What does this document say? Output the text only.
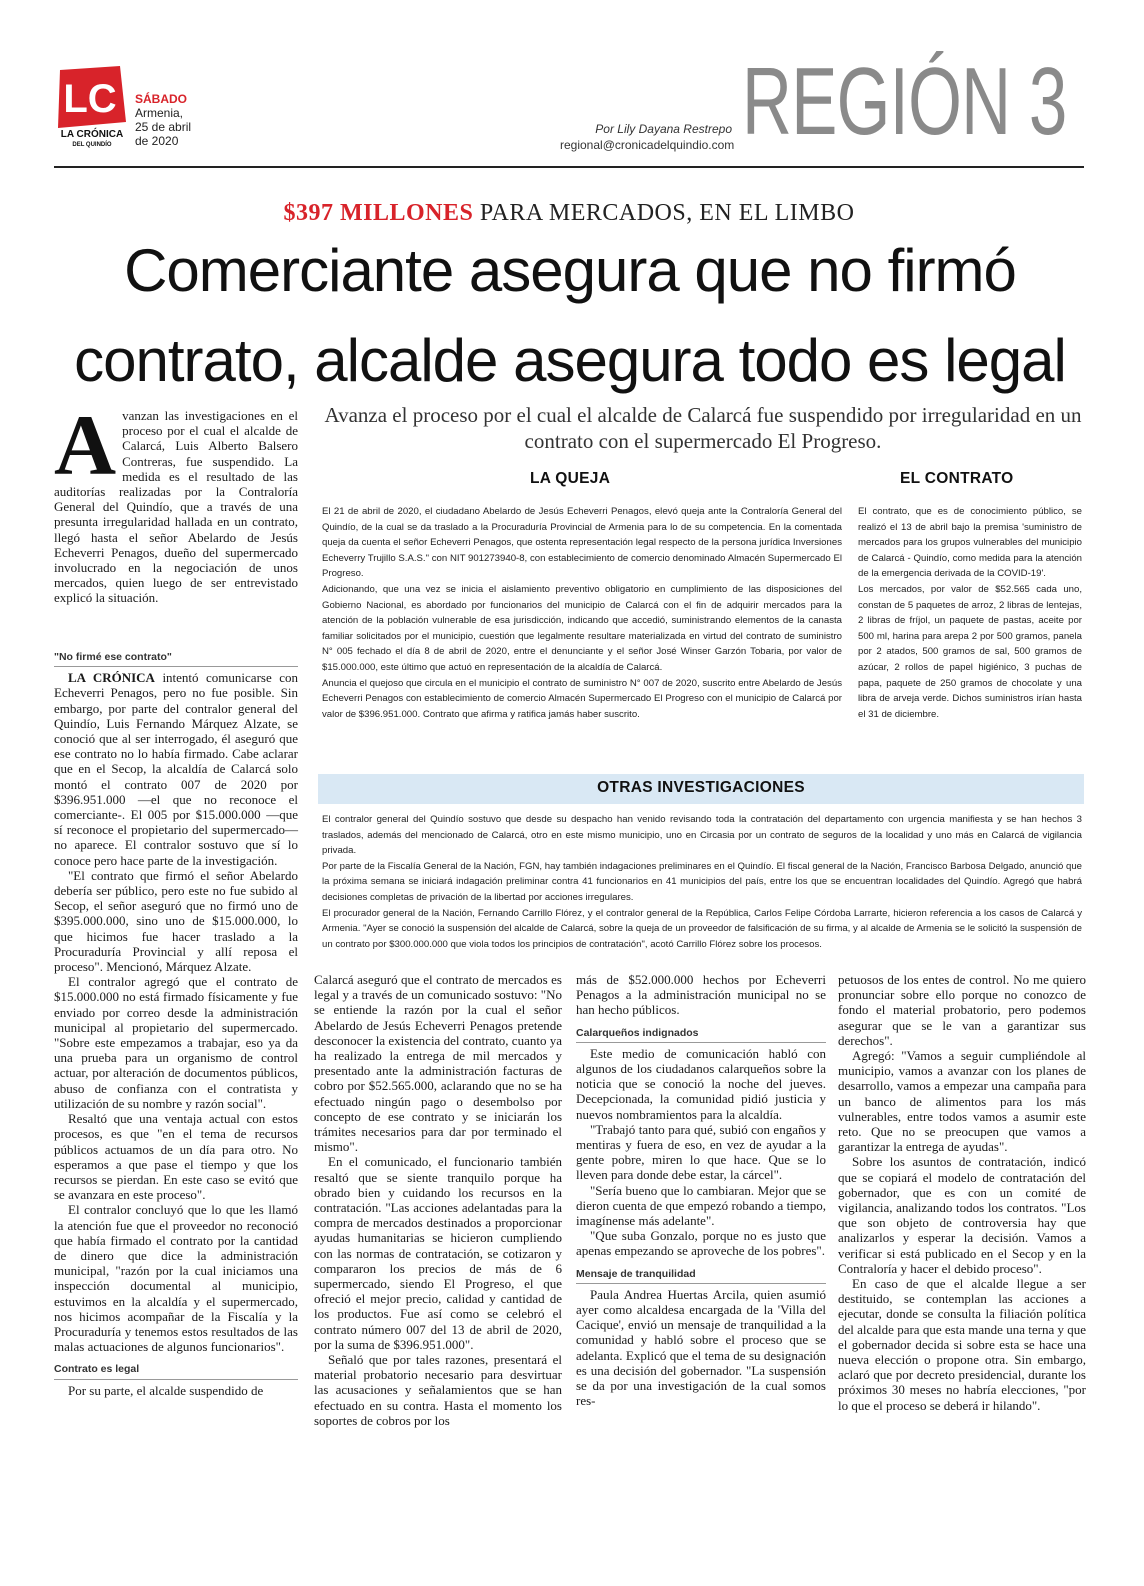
LC
LA CRÓNICA
DEL QUINDÍO
SÁBADO
Armenia,
25 de abril
de 2020
Por Lily Dayana Restrepo
regional@cronicadelquindio.com REGIÓN 3
$397 MILLONES PARA MERCADOS, EN EL LIMBO
Comerciante asegura que no firmó
contrato, alcalde asegura todo es legal
Avanza el proceso por el cual el alcalde de Calarcá fue suspendido por irregularidad en un contrato con el supermercado El Progreso.
A vanzan las investigaciones en el proceso por el cual el alcalde de Calarcá, Luis Alberto Balsero Contreras, fue suspendido. La medida es el resultado de las auditorías realizadas por la Contraloría General del Quindío, que a través de una presunta irregularidad hallada en un contrato, llegó hasta el señor Abelardo de Jesús Echeverri Penagos, dueño del supermercado involucrado en la negociación de unos mercados, quien luego de ser entrevistado explicó la situación.

"No firmé ese contrato"

LA CRÓNICA intentó comunicarse con Echeverri Penagos, pero no fue posible. Sin embargo, por parte del contralor general del Quindío, Luis Fernando Márquez Alzate, se conoció que al ser interrogado, él aseguró que ese contrato no lo había firmado. Cabe aclarar que en el Secop, la alcaldía de Calarcá solo montó el contrato 007 de 2020 por $396.951.000 —el que no reconoce el comerciante-. El 005 por $15.000.000 —que sí reconoce el propietario del supermercado— no aparece. El contralor sostuvo que sí lo conoce pero hace parte de la investigación.

"El contrato que firmó el señor Abelardo debería ser público, pero este no fue subido al Secop, el señor aseguró que no firmó uno de $395.000.000, sino uno de $15.000.000, lo que hicimos fue hacer traslado a la Procuraduría Provincial y allí reposa el proceso". Mencionó, Márquez Alzate.

El contralor agregó que el contrato de $15.000.000 no está firmado físicamente y fue enviado por correo desde la administración municipal al propietario del supermercado. "Sobre este empezamos a trabajar, eso ya da una prueba para un organismo de control actuar, por alteración de documentos públicos, abuso de confianza con el contratista y utilización de su nombre y razón social".

Resaltó que una ventaja actual con estos procesos, es que "en el tema de recursos públicos actuamos de un día para otro. No esperamos a que pase el tiempo y que los recursos se pierdan. En este caso se evitó que se avanzara en este proceso".

El contralor concluyó que lo que les llamó la atención fue que el proveedor no reconoció que había firmado el contrato por la cantidad de dinero que dice la administración municipal, "razón por la cual iniciamos una inspección documental al municipio, estuvimos en la alcaldía y el supermercado, nos hicimos acompañar de la Fiscalía y la Procuraduría y tenemos estos resultados de las malas actuaciones de algunos funcionarios".

Contrato es legal

Por su parte, el alcalde suspendido de

LA QUEJA	EL CONTRATO

El 21 de abril de 2020, el ciudadano Abelardo de Jesús Echeverri Penagos, elevó queja ante la Contraloría General del Quindío, de la cual se da traslado a la Procuraduría Provincial de Armenia para lo de su competencia. En la comentada queja da cuenta el señor Echeverri Penagos, que ostenta representación legal respecto de la persona jurídica Inversiones Echeverry Trujillo S.A.S." con NIT 901273940-8, con establecimiento de comercio denominado Almacén Supermercado El Progreso.

Adicionando, que una vez se inicia el aislamiento preventivo obligatorio en cumplimiento de las disposiciones del Gobierno Nacional, es abordado por funcionarios del municipio de Calarcá con el fin de adquirir mercados para la atención de la población vulnerable de esa jurisdicción, indicando que accedió, suministrando elementos de la canasta familiar solicitados por el municipio, cuestión que legalmente resultare materializada en virtud del contrato de suministro N° 005 fechado el día 8 de abril de 2020, entre el denunciante y el señor José Winser Garzón Tobaria, por valor de $15.000.000, este último que actuó en representación de la alcaldía de Calarcá.

Anuncia el quejoso que circula en el municipio el contrato de suministro N° 007 de 2020, suscrito entre Abelardo de Jesús Echeverri Penagos con establecimiento de comercio Almacén Supermercado El Progreso con el municipio de Calarcá por valor de $396.951.000. Contrato que afirma y ratifica jamás haber suscrito.

El contrato, que es de conocimiento público, se realizó el 13 de abril bajo la premisa 'suministro de mercados para los grupos vulnerables del municipio de Calarcá - Quindío, como medida para la atención de la emergencia derivada de la COVID-19'.

Los mercados, por valor de $52.565 cada uno, constan de 5 paquetes de arroz, 2 libras de lentejas, 2 libras de fríjol, un paquete de pastas, aceite por 500 ml, harina para arepa 2 por 500 gramos, panela por 2 atados, 500 gramos de sal, 500 gramos de azúcar, 2 rollos de papel higiénico, 3 puchas de papa, paquete de 250 gramos de chocolate y una libra de arveja verde. Dichos suministros irían hasta el 31 de diciembre.

OTRAS INVESTIGACIONES

El contralor general del Quindío sostuvo que desde su despacho han venido revisando toda la contratación del departamento con urgencia manifiesta y se han hechos 3 traslados, además del mencionado de Calarcá, otro en este mismo municipio, uno en Circasia por un contrato de seguros de la localidad y uno más en Calarcá de vigilancia privada.

Por parte de la Fiscalía General de la Nación, FGN, hay también indagaciones preliminares en el Quindío. El fiscal general de la Nación, Francisco Barbosa Delgado, anunció que la próxima semana se iniciará indagación preliminar contra 41 funcionarios en 41 municipios del país, entre los que se encuentran localidades del Quindío. Agregó que habrá decisiones completas de privación de la libertad por acciones irregulares.

El procurador general de la Nación, Fernando Carrillo Flórez, y el contralor general de la República, Carlos Felipe Córdoba Larrarte, hicieron referencia a los casos de Calarcá y Armenia. "Ayer se conoció la suspensión del alcalde de Calarcá, sobre la queja de un proveedor de falsificación de su firma, y al alcalde de Armenia se le solicitó la suspensión de un contrato por $300.000.000 que viola todos los principios de contratación", acotó Carrillo Flórez sobre los procesos.

Calarcá aseguró que el contrato de mercados es legal y a través de un comunicado sostuvo: "No se entiende la razón por la cual el señor Abelardo de Jesús Echeverri Penagos pretende desconocer la existencia del contrato, cuanto ya ha realizado la entrega de mil mercados y presentado ante la administración facturas de cobro por $52.565.000, aclarando que no se ha efectuado ningún pago o desembolso por concepto de ese contrato y se iniciarán los trámites necesarios para dar por terminado el mismo".

En el comunicado, el funcionario también resaltó que se siente tranquilo porque ha obrado bien y cuidando los recursos en la contratación. "Las acciones adelantadas para la compra de mercados destinados a proporcionar ayudas humanitarias se hicieron cumpliendo con las normas de contratación, se cotizaron y compararon los precios de más de 6 supermercado, siendo El Progreso, el que ofreció el mejor precio, calidad y cantidad de los productos. Fue así como se celebró el contrato número 007 del 13 de abril de 2020, por la suma de $396.951.000".

Señaló que por tales razones, presentará el material probatorio necesario para desvirtuar las acusaciones y señalamientos que se han efectuado en su contra. Hasta el momento los soportes de cobros por los

más de $52.000.000 hechos por Echeverri Penagos a la administración municipal no se han hecho públicos.

Calarqueños indignados

Este medio de comunicación habló con algunos de los ciudadanos calarqueños sobre la noticia que se conoció la noche del jueves. Decepcionada, la comunidad pidió justicia y nuevos nombramientos para la alcaldía.

"Trabajó tanto para qué, subió con engaños y mentiras y fuera de eso, en vez de ayudar a la gente pobre, miren lo que hace. Que se lo lleven para donde debe estar, la cárcel".

"Sería bueno que lo cambiaran. Mejor que se dieron cuenta de que empezó robando a tiempo, imagínense más adelante".

"Que suba Gonzalo, porque no es justo que apenas empezando se aproveche de los pobres".

Mensaje de tranquilidad

Paula Andrea Huertas Arcila, quien asumió ayer como alcaldesa encargada de la 'Villa del Cacique', envió un mensaje de tranquilidad a la comunidad y habló sobre el proceso que se adelanta. Explicó que el tema de su designación es una decisión del gobernador. "La suspensión se da por una investigación de la cual somos res-

petuosos de los entes de control. No me quiero pronunciar sobre ello porque no conozco de fondo el material probatorio, pero podemos asegurar que se le van a garantizar sus derechos".

Agregó: "Vamos a seguir cumpliéndole al municipio, vamos a avanzar con los planes de desarrollo, vamos a empezar una campaña para un banco de alimentos para los más vulnerables, entre todos vamos a asumir este reto. Que no se preocupen que vamos a garantizar la entrega de ayudas".

Sobre los asuntos de contratación, indicó que se copiará el modelo de contratación del gobernador, que es con un comité de vigilancia, analizando todos los contratos. "Los que son objeto de controversia hay que analizarlos y esperar la decisión. Vamos a verificar si está publicado en el Secop y en la Contraloría y hacer el debido proceso".

En caso de que el alcalde llegue a ser destituido, se contemplan las acciones a ejecutar, donde se consulta la filiación política del alcalde para que esta mande una terna y que el gobernador decida si sobre esta se hace una nueva elección o propone otra. Sin embargo, aclaró que por decreto presidencial, durante los próximos 30 meses no habría elecciones, "por lo que el proceso se deberá ir hilando".
